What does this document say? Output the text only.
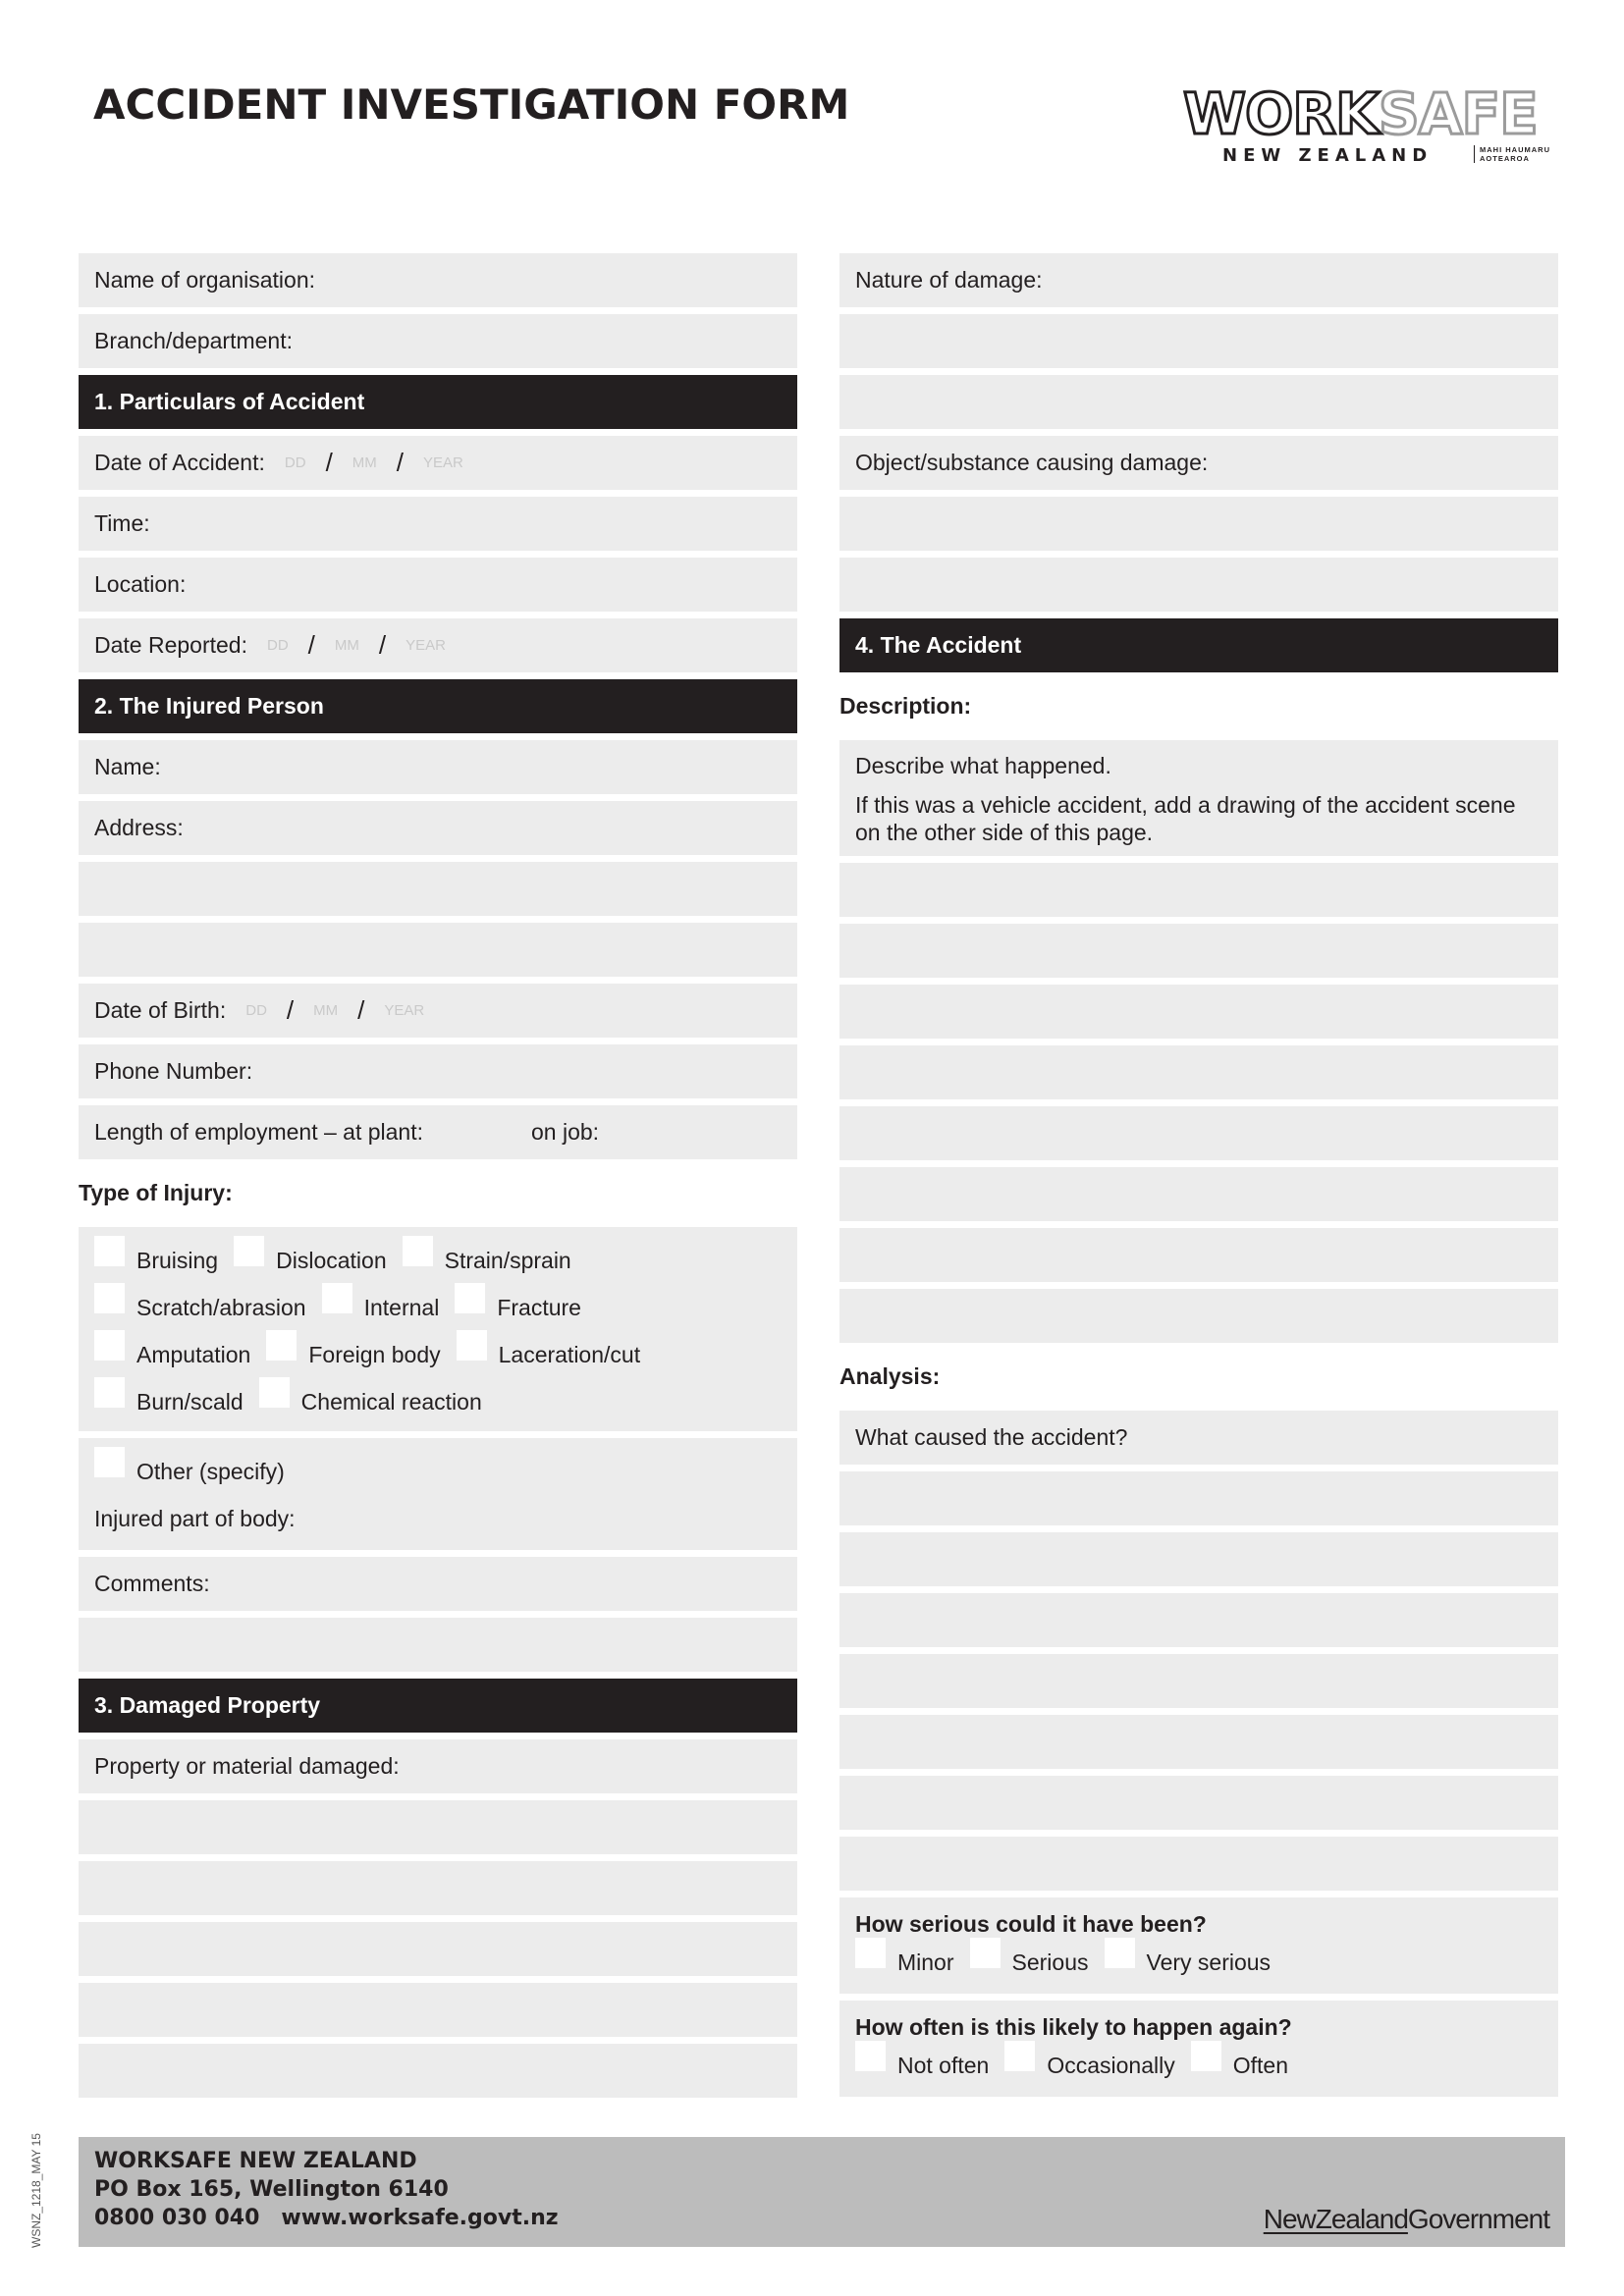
ACCIDENT INVESTIGATION FORM	WORKSAFE
NEW ZEALAND	MAHI HAUMARU
AOTEAROA
Name of organisation:
Branch/department:
1. Particulars of Accident
Date of Accident: DD / MM / YEAR
Time:
Location:
Date Reported: DD / MM / YEAR
2. The Injured Person
Name:
Address:
Date of Birth: DD / MM / YEAR
Phone Number:
Length of employment – at plant:	on job:
Type of Injury:
Bruising	Dislocation	Strain/sprain
Scratch/abrasion	Internal	Fracture
Amputation	Foreign body	Laceration/cut
Burn/scald	Chemical reaction
Other (specify)
Injured part of body:
Comments:
3. Damaged Property
Property or material damaged:
Nature of damage:
Object/substance causing damage:
4. The Accident
Description:

Describe what happened.

If this was a vehicle accident, add a drawing of the accident scene on the other side of this page.

Analysis:
What caused the accident?
How serious could it have been?
Minor	Serious	Very serious
How often is this likely to happen again?
Not often	Occasionally	Often
WORKSAFE NEW ZEALAND
PO Box 165, Wellington 6140
0800 030 040 www.worksafe.govt.nz	NewZealandGovernment
WSNZ_1218_MAY 15
